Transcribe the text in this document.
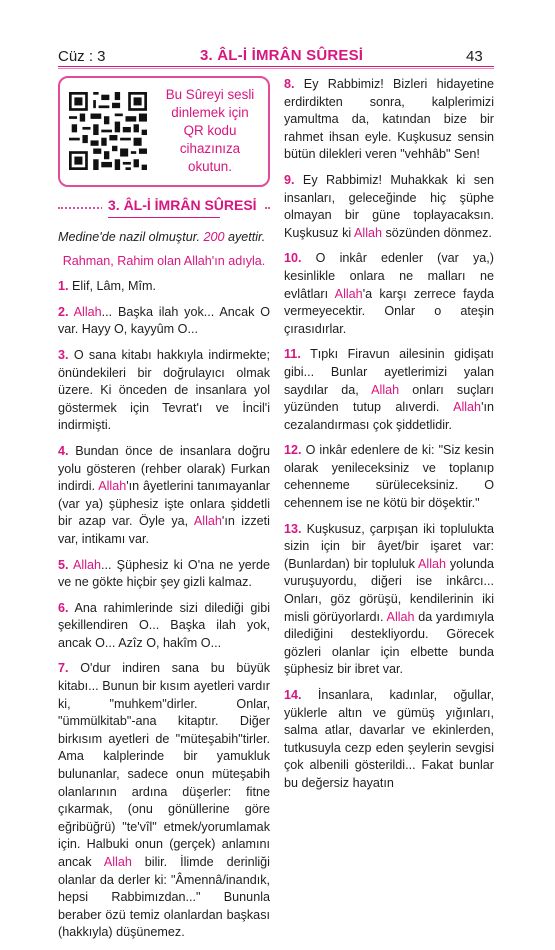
Cüz : 3	3. ÂL-İ İMRÂN SÛRESİ	43
Bu Sûreyi sesli
dinlemek için
QR kodu
cihazınıza
okutun.
3. ÂL-İ İMRÂN SÛRESİ
Medine'de nazil olmuştur. 200 ayettir.
Rahman, Rahim olan Allah'ın adıyla.

1. Elif, Lâm, Mîm.

2. Allah... Başka ilah yok... Ancak O var. Hayy O, kayyûm O...

3. O sana kitabı hakkıyla indirmekte; önündekileri bir doğrulayıcı olmak üzere. Ki önceden de insanlara yol göstermek için Tevrat'ı ve İncil'i indirmişti.

4. Bundan önce de insanlara doğru yolu gösteren (rehber olarak) Furkan indirdi. Allah'ın âyetlerini tanımayanlar (var ya) şüphesiz işte onlara şiddetli bir azap var. Öyle ya, Allah'ın izzeti var, intikamı var.

5. Allah... Şüphesiz ki O'na ne yerde ve ne gökte hiçbir şey gizli kalmaz.

6. Ana rahimlerinde sizi dilediği gibi şekillendiren O... Başka ilah yok, ancak O... Azîz O, hakîm O...

7. O'dur indiren sana bu büyük kitabı... Bunun bir kısım ayetleri vardır ki, "muhkem"dirler. Onlar, "ümmülkitab"-ana kitaptır. Diğer birkısım ayetleri de "müteşabih"tirler. Ama kalplerinde bir yamukluk bulunanlar, sadece onun müteşabih olanlarının ardına düşerler: fitne çıkarmak, (onu gönüllerine göre eğribüğrü) "te'vîl" etmek/yorumlamak için. Halbuki onun (gerçek) anlamını ancak Allah bilir. İlimde derinliği olanlar da derler ki: "Âmennâ/inandık, hepsi Rabbimızdan..." Bununla beraber özü temiz olanlardan başkası (hakkıyla) düşünemez.

8. Ey Rabbimiz! Bizleri hidayetine erdirdikten sonra, kalplerimizi yamultma da, katından bize bir rahmet ihsan eyle. Kuşkusuz sensin bütün dilekleri veren "vehhâb" Sen!

9. Ey Rabbimiz! Muhakkak ki sen insanları, geleceğinde hiç şüphe olmayan bir güne toplayacaksın. Kuşkusuz ki Allah sözünden dönmez.

10. O inkâr edenler (var ya,) kesinlikle onlara ne malları ne evlâtları Allah'a karşı zerrece fayda vermeyecektir. Onlar o ateşin çırasıdırlar.

11. Tıpkı Firavun ailesinin gidişatı gibi... Bunlar ayetlerimizi yalan saydılar da, Allah onları suçları yüzünden tutup alıverdi. Allah'ın cezalandırması çok şiddetlidir.

12. O inkâr edenlere de ki: "Siz kesin olarak yenileceksiniz ve toplanıp cehenneme sürüleceksiniz. O cehennem ise ne kötü bir döşektir."

13. Kuşkusuz, çarpışan iki toplulukta sizin için bir âyet/bir işaret var: (Bunlardan) bir topluluk Allah yolunda vuruşuyordu, diğeri ise inkârcı... Onları, göz görüşü, kendilerinin iki misli görüyorlardı. Allah da yardımıyla dilediğini destekliyordu. Görecek gözleri olanlar için elbette bunda şüphesiz bir ibret var.

14. İnsanlara, kadınlar, oğullar, yüklerle altın ve gümüş yığınları, salma atlar, davarlar ve ekinlerden, tutkusuyla cezp eden şeylerin sevgisi çok albenili gösterildi... Fakat bunlar bu değersiz hayatın
